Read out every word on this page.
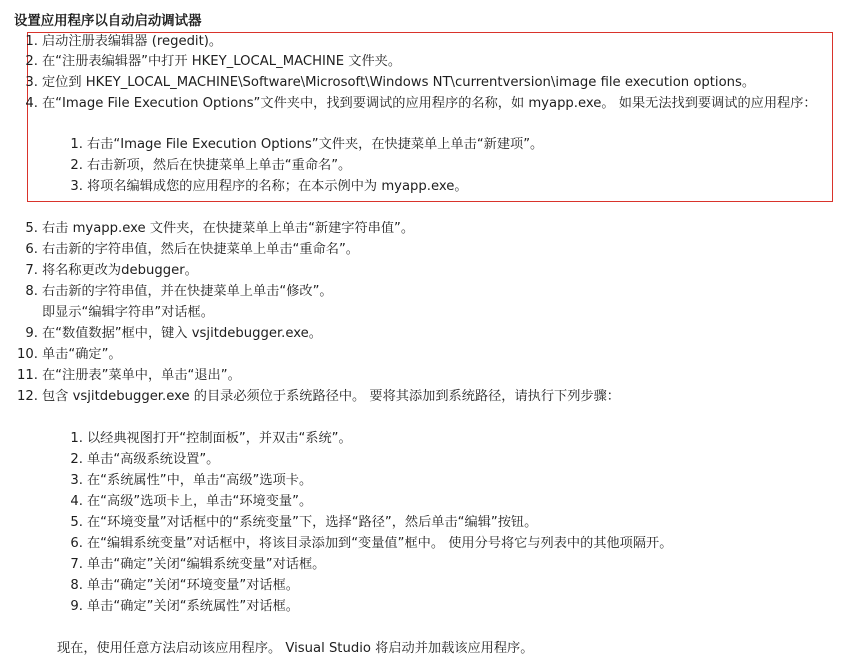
设置应用程序以自动启动调试器
1. 启动注册表编辑器 (regedit)。
2. 在“注册表编辑器”中打开 HKEY_LOCAL_MACHINE 文件夹。
3. 定位到 HKEY_LOCAL_MACHINE\Software\Microsoft\Windows NT\currentversion\image file execution options。
4. 在“Image File Execution Options”文件夹中，找到要调试的应用程序的名称，如 myapp.exe。 如果无法找到要调试的应用程序：
1. 右击“Image File Execution Options”文件夹，在快捷菜单上单击“新建项”。
2. 右击新项，然后在快捷菜单上单击“重命名”。
3. 将项名编辑成您的应用程序的名称；在本示例中为 myapp.exe。
5. 右击 myapp.exe 文件夹，在快捷菜单上单击“新建字符串值”。
6. 右击新的字符串值，然后在快捷菜单上单击“重命名”。
7. 将名称更改为debugger。
8. 右击新的字符串值，并在快捷菜单上单击“修改”。
即显示“编辑字符串”对话框。
9. 在“数值数据”框中，键入 vsjitdebugger.exe。
10. 单击“确定”。
11. 在“注册表”菜单中，单击“退出”。
12. 包含 vsjitdebugger.exe 的目录必须位于系统路径中。 要将其添加到系统路径，请执行下列步骤：
1. 以经典视图打开“控制面板”，并双击“系统”。
2. 单击“高级系统设置”。
3. 在“系统属性”中，单击“高级”选项卡。
4. 在“高级”选项卡上，单击“环境变量”。
5. 在“环境变量”对话框中的“系统变量”下，选择“路径”，然后单击“编辑”按钮。
6. 在“编辑系统变量”对话框中，将该目录添加到“变量值”框中。 使用分号将它与列表中的其他项隔开。
7. 单击“确定”关闭“编辑系统变量”对话框。
8. 单击“确定”关闭“环境变量”对话框。
9. 单击“确定”关闭“系统属性”对话框。
现在，使用任意方法启动该应用程序。 Visual Studio 将启动并加载该应用程序。
